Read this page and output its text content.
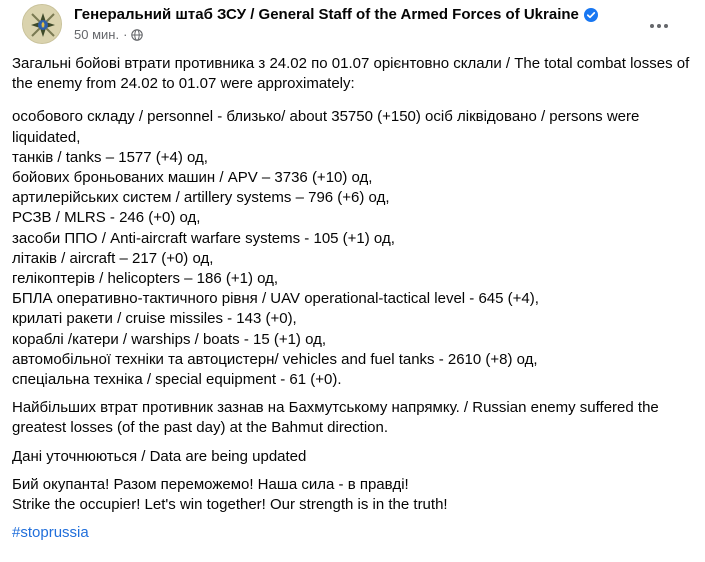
Генеральний штаб ЗСУ / General Staff of the Armed Forces of Ukraine
50 мин. ·

Загальні бойові втрати противника з 24.02 по 01.07 орієнтовно склали / The total combat losses of the enemy from 24.02 to 01.07 were approximately:

особового складу / personnel - близько/ about 35750 (+150) осіб ліквідовано / persons were liquidated,

танків / tanks – 1577 (+4) од,

бойових броньованих машин / APV – 3736 (+10) од,

артилерійських систем / artillery systems – 796 (+6) од,

РСЗВ / MLRS - 246 (+0) од,

засоби ППО / Anti-aircraft warfare systems - 105 (+1) од,

літаків / aircraft – 217 (+0) од,

гелікоптерів / helicopters – 186 (+1) од,

БПЛА оперативно-тактичного рівня / UAV operational-tactical level - 645 (+4),

крилаті ракети / cruise missiles - 143 (+0),

кораблі /катери / warships / boats - 15 (+1) од,

автомобільної техніки та автоцистерн/ vehicles and fuel tanks - 2610 (+8) од,

спеціальна техніка / special equipment - 61 (+0).

Найбільших втрат противник зазнав на Бахмутському напрямку. / Russian enemy suffered the greatest losses (of the past day) at the Bahmut direction.

Дані уточнюються / Data are being updated

Бий окупанта! Разом переможемо! Наша сила - в правді!

Strike the occupier! Let's win together! Our strength is in the truth!

#stoprussia
